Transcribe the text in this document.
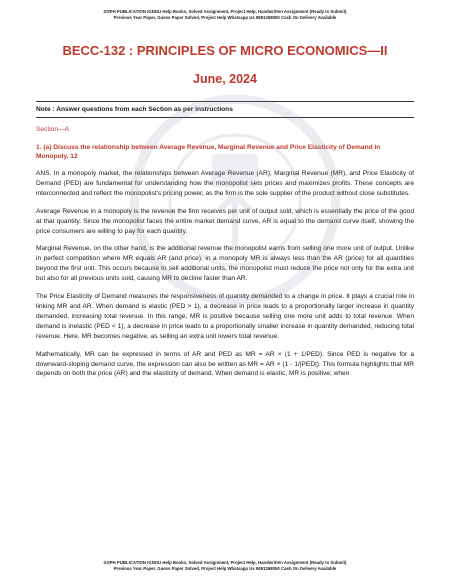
GSPH PUBLICATION IGNOU Help Books, Solved Assignment, Project Help, Handwritten Assignment (Ready to Submit)
Previous Year Paper, Guess Paper Solved, Project Help Whatsapp Us 9891268050 Cash On Delivery Available
BECC-132 : PRINCIPLES OF MICRO ECONOMICS—II
June, 2024
Note : Answer questions from each Section as per instructions
Section—A
1. (a) Discuss the relationship between Average Revenue, Marginal Revenue and Price Elasticity of Demand in Monopoly. 12

ANS. In a monopoly market, the relationships between Average Revenue (AR), Marginal Revenue (MR), and Price Elasticity of Demand (PED) are fundamental for understanding how the monopolist sets prices and maximizes profits. These concepts are interconnected and reflect the monopolist's pricing power, as the firm is the sole supplier of the product without close substitutes.

Average Revenue in a monopoly is the revenue the firm receives per unit of output sold, which is essentially the price of the good at that quantity. Since the monopolist faces the entire market demand curve, AR is equal to the demand curve itself, showing the price consumers are willing to pay for each quantity.

Marginal Revenue, on the other hand, is the additional revenue the monopolist earns from selling one more unit of output. Unlike in perfect competition where MR equals AR (and price), in a monopoly MR is always less than the AR (price) for all quantities beyond the first unit. This occurs because to sell additional units, the monopolist must reduce the price not only for the extra unit but also for all previous units sold, causing MR to decline faster than AR.

The Price Elasticity of Demand measures the responsiveness of quantity demanded to a change in price. It plays a crucial role in linking MR and AR. When demand is elastic (PED > 1), a decrease in price leads to a proportionally larger increase in quantity demanded, increasing total revenue. In this range, MR is positive because selling one more unit adds to total revenue. When demand is inelastic (PED < 1), a decrease in price leads to a proportionally smaller increase in quantity demanded, reducing total revenue. Here, MR becomes negative, as selling an extra unit lowers total revenue.

Mathematically, MR can be expressed in terms of AR and PED as MR = AR × (1 + 1/PED). Since PED is negative for a downward-sloping demand curve, the expression can also be written as MR = AR × (1 - 1/|PED|). This formula highlights that MR depends on both the price (AR) and the elasticity of demand. When demand is elastic, MR is positive; when

GSPH PUBLICATION IGNOU Help Books, Solved Assignment, Project Help, Handwritten Assignment (Ready to Submit)
Previous Year Paper, Guess Paper Solved, Project Help Whatsapp Us 9891268050 Cash On Delivery Available
